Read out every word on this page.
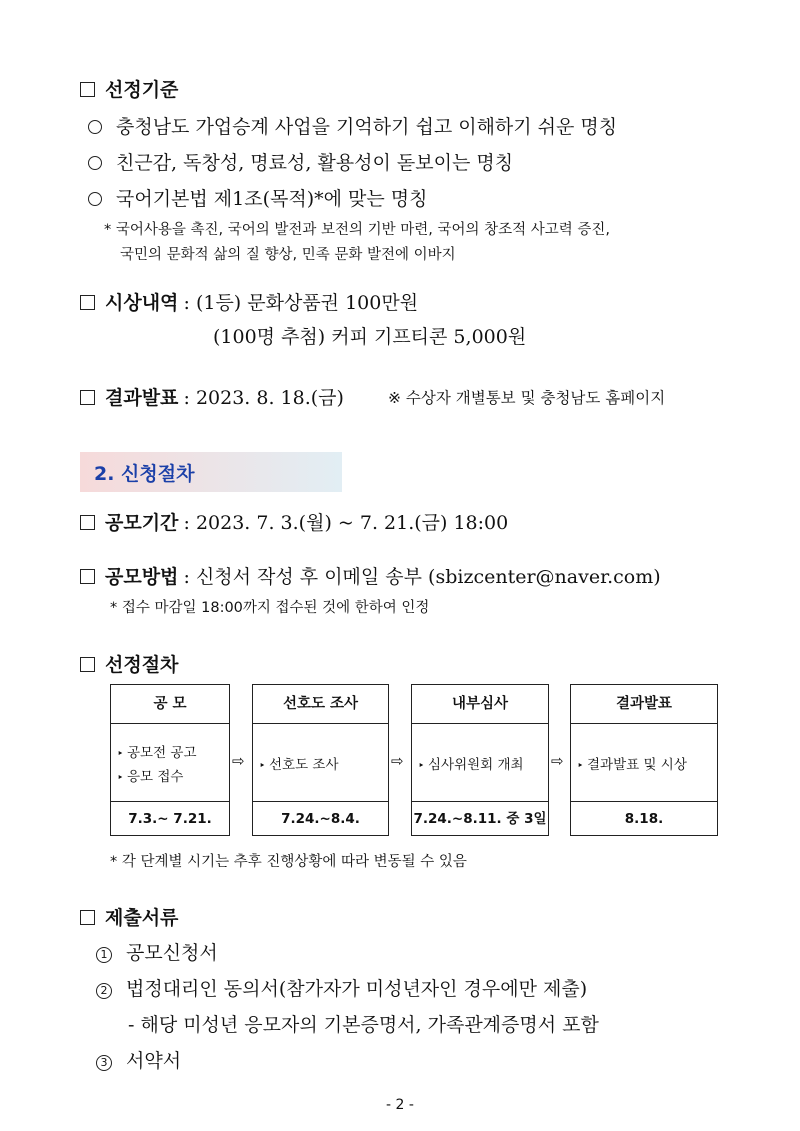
선정기준
충청남도 가업승계 사업을 기억하기 쉽고 이해하기 쉬운 명칭
친근감, 독창성, 명료성, 활용성이 돋보이는 명칭
국어기본법 제1조(목적)*에 맞는 명칭
* 국어사용을 촉진, 국어의 발전과 보전의 기반 마련, 국어의 창조적 사고력 증진,
국민의 문화적 삶의 질 향상, 민족 문화 발전에 이바지
시상내역 : (1등) 문화상품권 100만원
(100명 추첨) 커피 기프티콘 5,000원
결과발표 : 2023. 8. 18.(금)	※ 수상자 개별통보 및 충청남도 홈페이지
2. 신청절차
공모기간 : 2023. 7. 3.(월) ~ 7. 21.(금) 18:00
공모방법 : 신청서 작성 후 이메일 송부 (sbizcenter@naver.com)
* 접수 마감일 18:00까지 접수된 것에 한하여 인정
선정절차
공 모
‣ 공모전 공고
‣ 응모 접수
7.3.~ 7.21.
⇨
선호도 조사
‣ 선호도 조사
7.24.~8.4.
⇨
내부심사
‣ 심사위원회 개최
7.24.~8.11. 중 3일
⇨
결과발표
‣ 결과발표 및 시상
8.18.
* 각 단계별 시기는 추후 진행상황에 따라 변동될 수 있음
제출서류
1 공모신청서
2 법정대리인 동의서(참가자가 미성년자인 경우에만 제출)
- 해당 미성년 응모자의 기본증명서, 가족관계증명서 포함
3 서약서
- 2 -
